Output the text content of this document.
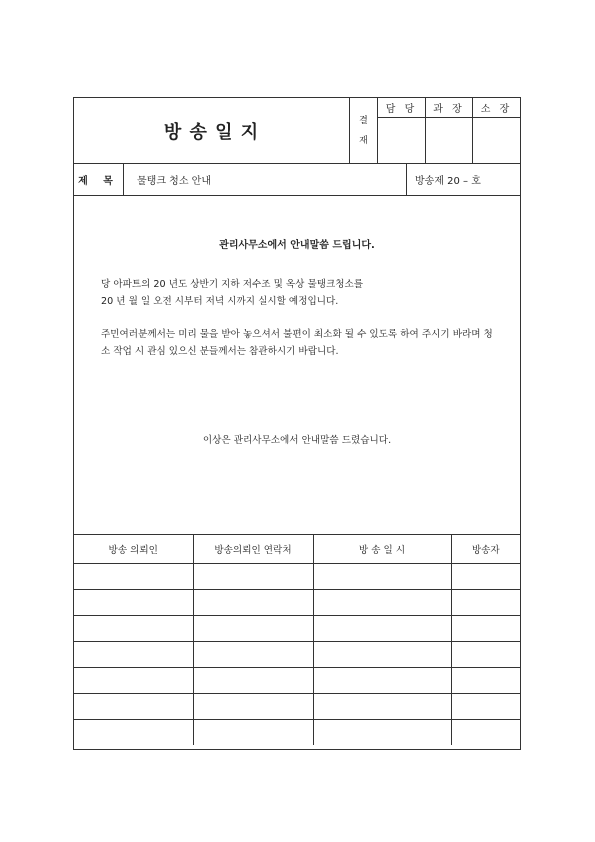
방 송 일 지
결
재
담 당	과 장	소 장
제 목	물탱크 청소 안내	방송제 20 – 호
관리사무소에서 안내말씀 드립니다.
당 아파트의 20 년도 상반기 지하 저수조 및 옥상 물탱크청소를
20 년 월 일 오전 시부터 저녁 시까지 실시할 예정입니다.
주민여러분께서는 미리 물을 받아 놓으셔서 불편이 최소화 될 수 있도록 하여 주시기 바라며 청소 작업 시 관심 있으신 분들께서는 참관하시기 바랍니다.
이상은 관리사무소에서 안내말씀 드렸습니다.
방송 의뢰인	방송의뢰인 연락처	방 송 일 시	방송자
